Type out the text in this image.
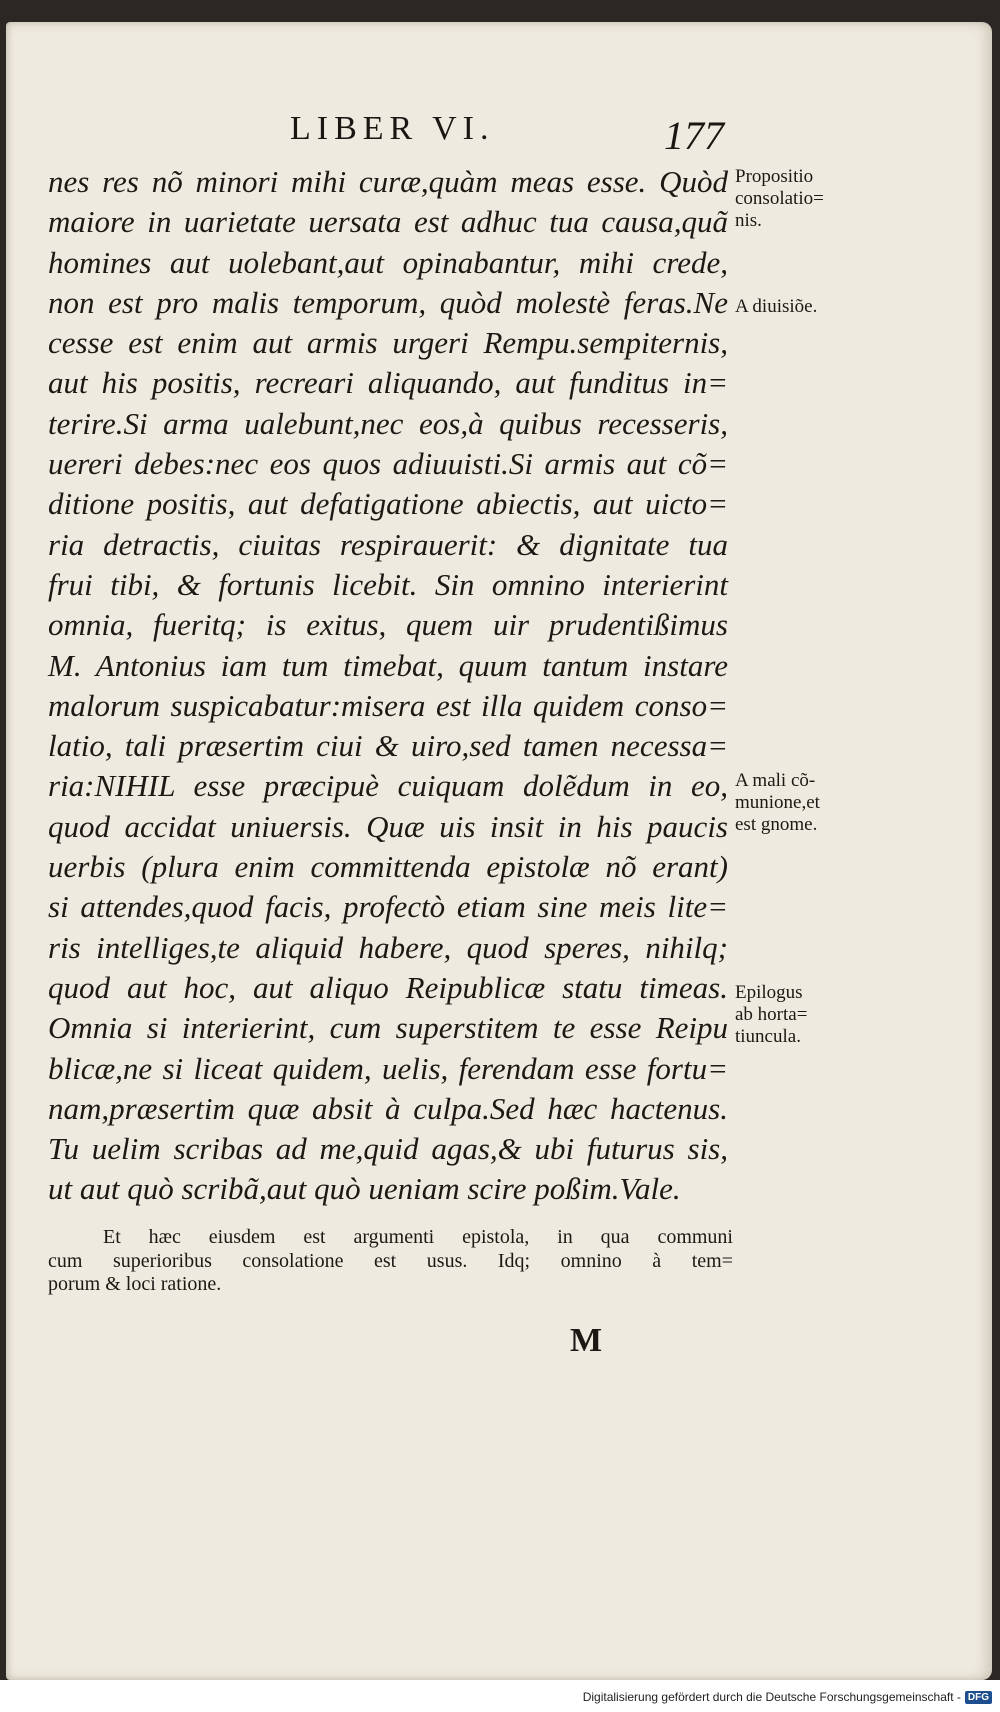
LIBER VI.	177
nes res nõ minori mihi curæ,quàm meas esse. Quòd
maiore in uarietate uersata est adhuc tua causa,quã
homines aut uolebant,aut opinabantur, mihi crede,
non est pro malis temporum, quòd molestè feras.Ne
cesse est enim aut armis urgeri Rempu.sempiternis,
aut his positis, recreari aliquando, aut funditus in=
terire.Si arma ualebunt,nec eos,à quibus recesseris,
uereri debes:nec eos quos adiuuisti.Si armis aut cõ=
ditione positis, aut defatigatione abiectis, aut uicto=
ria detractis, ciuitas respirauerit: & dignitate tua
frui tibi, & fortunis licebit. Sin omnino interierint
omnia, fueritq; is exitus, quem uir prudentißimus
M. Antonius iam tum timebat, quum tantum instare
malorum suspicabatur:misera est illa quidem conso=
latio, tali præsertim ciui & uiro,sed tamen necessa=
ria:NIHIL esse præcipuè cuiquam dolẽdum in eo,
quod accidat uniuersis. Quæ uis insit in his paucis
uerbis (plura enim committenda epistolæ nõ erant)
si attendes,quod facis, profectò etiam sine meis lite=
ris intelliges,te aliquid habere, quod speres, nihilq;
quod aut hoc, aut aliquo Reipublicæ statu timeas.
Omnia si interierint, cum superstitem te esse Reipu
blicæ,ne si liceat quidem, uelis, ferendam esse fortu=
nam,præsertim quæ absit à culpa.Sed hæc hactenus.
Tu uelim scribas ad me,quid agas,& ubi futurus sis,
ut aut quò scribã,aut quò ueniam scire poßim.Vale.
Et hæc eiusdem est argumenti epistola, in qua communi
cum superioribus consolatione est usus. Idq; omnino à tem=
porum & loci ratione.
M
Propositio
consolatio=
nis.
A diuisiõe.
A mali cõ-
munione,et
est gnome.
Epilogus
ab horta=
tiuncula.
Digitalisierung gefördert durch die Deutsche Forschungsgemeinschaft - DFG
